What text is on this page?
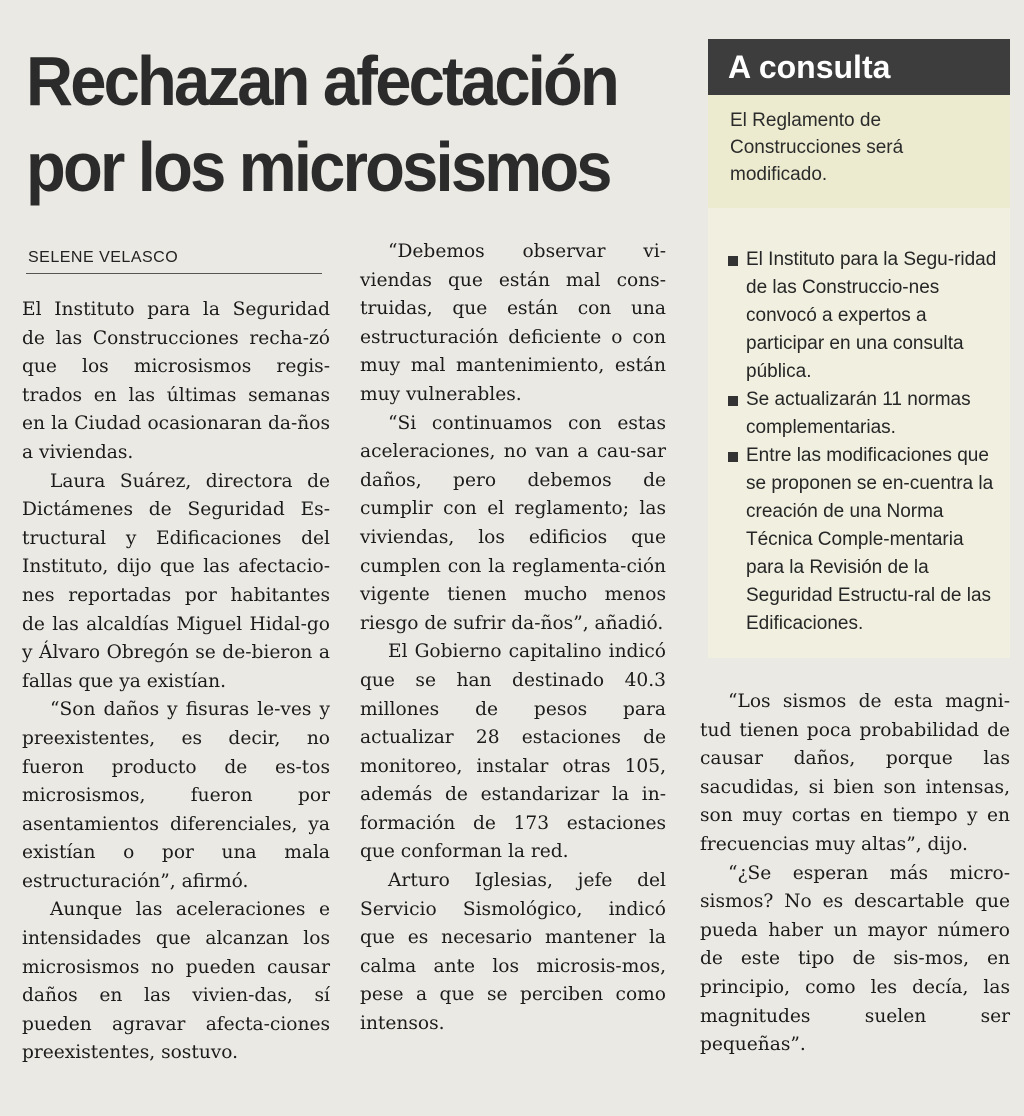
Rechazan afectación
por los microsismos
SELENE VELASCO

El Instituto para la Seguridad de las Construcciones recha-zó que los microsismos regis-trados en las últimas semanas en la Ciudad ocasionaran da-ños a viviendas.

Laura Suárez, directora de Dictámenes de Seguridad Es-tructural y Edificaciones del Instituto, dijo que las afectacio-nes reportadas por habitantes de las alcaldías Miguel Hidal-go y Álvaro Obregón se de-bieron a fallas que ya existían.

“Son daños y fisuras le-ves y preexistentes, es decir, no fueron producto de es-tos microsismos, fueron por asentamientos diferenciales, ya existían o por una mala estructuración”, afirmó.

Aunque las aceleraciones e intensidades que alcanzan los microsismos no pueden causar daños en las vivien-das, sí pueden agravar afecta-ciones preexistentes, sostuvo.

“Debemos observar vi-viendas que están mal cons-truidas, que están con una estructuración deficiente o con muy mal mantenimiento, están muy vulnerables.

“Si continuamos con estas aceleraciones, no van a cau-sar daños, pero debemos de cumplir con el reglamento; las viviendas, los edificios que cumplen con la reglamenta-ción vigente tienen mucho menos riesgo de sufrir da-ños”, añadió.

El Gobierno capitalino indicó que se han destinado 40.3 millones de pesos para actualizar 28 estaciones de monitoreo, instalar otras 105, además de estandarizar la in-formación de 173 estaciones que conforman la red.

Arturo Iglesias, jefe del Servicio Sismológico, indicó que es necesario mantener la calma ante los microsis-mos, pese a que se perciben como intensos.

“Los sismos de esta magni-tud tienen poca probabilidad de causar daños, porque las sacudidas, si bien son intensas, son muy cortas en tiempo y en frecuencias muy altas”, dijo.

“¿Se esperan más micro-sismos? No es descartable que pueda haber un mayor número de este tipo de sis-mos, en principio, como les decía, las magnitudes suelen ser pequeñas”.

A consulta
El Reglamento de Construcciones será modificado.
El Instituto para la Segu-ridad de las Construccio-nes convocó a expertos a participar en una consulta pública.
Se actualizarán 11 normas complementarias.
Entre las modificaciones que se proponen se en-cuentra la creación de una Norma Técnica Comple-mentaria para la Revisión de la Seguridad Estructu-ral de las Edificaciones.
